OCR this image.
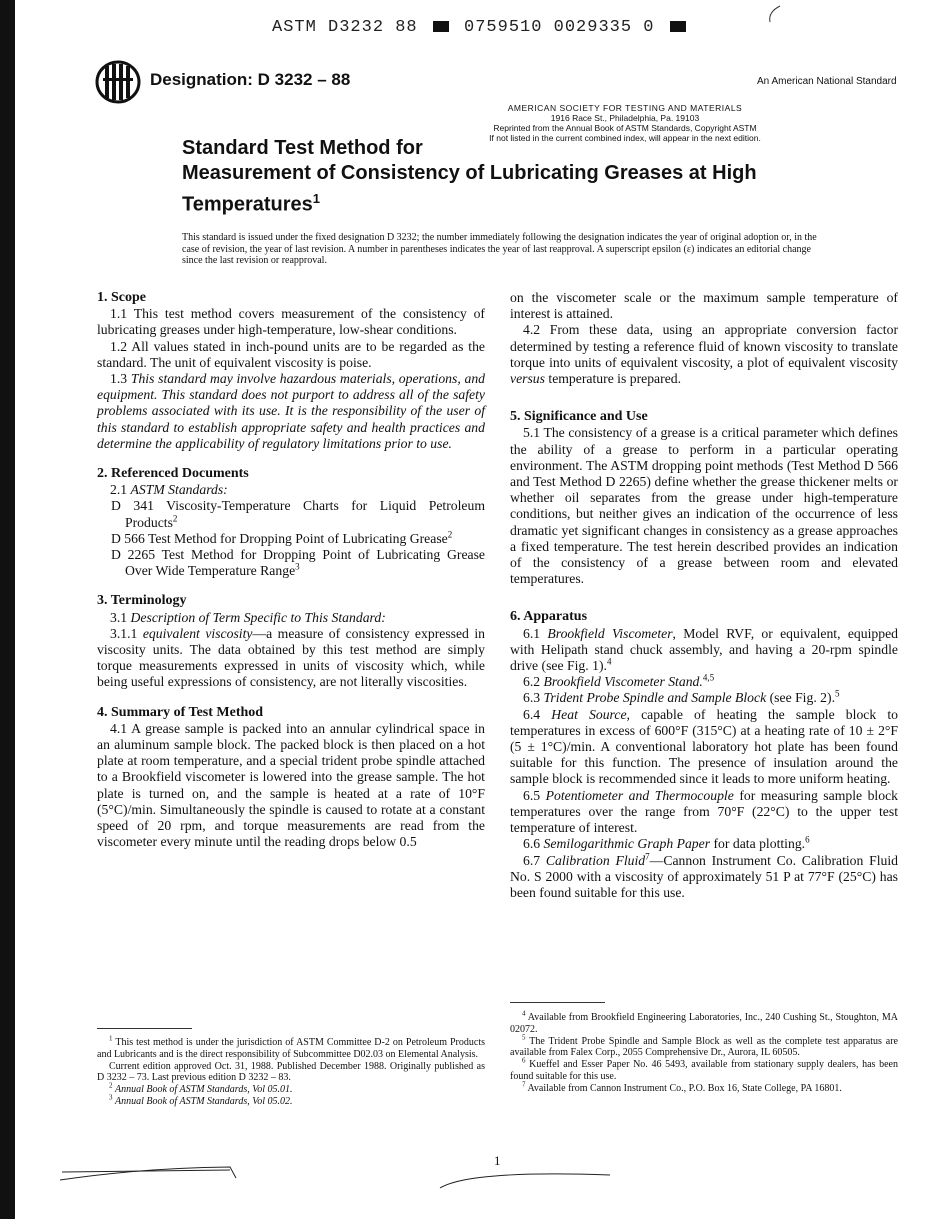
ASTM D3232 88	0759510 0029335 0
Designation: D 3232 – 88	An American National Standard
AMERICAN SOCIETY FOR TESTING AND MATERIALS
1916 Race St., Philadelphia, Pa. 19103
Reprinted from the Annual Book of ASTM Standards, Copyright ASTM
If not listed in the current combined index, will appear in the next edition.
Standard Test Method for
Measurement of Consistency of Lubricating Greases at High
Temperatures$^1$
This standard is issued under the fixed designation D 3232; the number immediately following the designation indicates the year of original adoption or, in the case of revision, the year of last revision. A number in parentheses indicates the year of last reapproval. A superscript epsilon (ε) indicates an editorial change since the last revision or reapproval.
1. Scope

1.1 This test method covers measurement of the consistency of lubricating greases under high-temperature, low-shear conditions.

1.2 All values stated in inch-pound units are to be regarded as the standard. The unit of equivalent viscosity is poise.

1.3 This standard may involve hazardous materials, operations, and equipment. This standard does not purport to address all of the safety problems associated with its use. It is the responsibility of the user of this standard to establish appropriate safety and health practices and determine the applicability of regulatory limitations prior to use.

2. Referenced Documents

2.1 ASTM Standards:

D 341 Viscosity-Temperature Charts for Liquid Petroleum Products$^2$

D 566 Test Method for Dropping Point of Lubricating Grease$^2$

D 2265 Test Method for Dropping Point of Lubricating Grease Over Wide Temperature Range$^3$

3. Terminology

3.1 Description of Term Specific to This Standard:

3.1.1 equivalent viscosity—a measure of consistency expressed in viscosity units. The data obtained by this test method are simply torque measurements expressed in units of viscosity which, while being useful expressions of consistency, are not literally viscosities.

4. Summary of Test Method

4.1 A grease sample is packed into an annular cylindrical space in an aluminum sample block. The packed block is then placed on a hot plate at room temperature, and a special trident probe spindle attached to a Brookfield viscometer is lowered into the grease sample. The hot plate is turned on, and the sample is heated at a rate of 10°F (5°C)/min. Simultaneously the spindle is caused to rotate at a constant speed of 20 rpm, and torque measurements are read from the viscometer every minute until the reading drops below 0.5

on the viscometer scale or the maximum sample temperature of interest is attained.

4.2 From these data, using an appropriate conversion factor determined by testing a reference fluid of known viscosity to translate torque into units of equivalent viscosity, a plot of equivalent viscosity versus temperature is prepared.

5. Significance and Use

5.1 The consistency of a grease is a critical parameter which defines the ability of a grease to perform in a particular operating environment. The ASTM dropping point methods (Test Method D 566 and Test Method D 2265) define whether the grease thickener melts or whether oil separates from the grease under high-temperature conditions, but neither gives an indication of the occurrence of less dramatic yet significant changes in consistency as a grease approaches a fixed temperature. The test herein described provides an indication of the consistency of a grease between room and elevated temperatures.

6. Apparatus

6.1 Brookfield Viscometer, Model RVF, or equivalent, equipped with Helipath stand chuck assembly, and having a 20-rpm spindle drive (see Fig. 1).$^4$

6.2 Brookfield Viscometer Stand.$^{4,5}$

6.3 Trident Probe Spindle and Sample Block (see Fig. 2).$^5$

6.4 Heat Source, capable of heating the sample block to temperatures in excess of 600°F (315°C) at a heating rate of 10 ± 2°F (5 ± 1°C)/min. A conventional laboratory hot plate has been found suitable for this function. The presence of insulation around the sample block is recommended since it leads to more uniform heating.

6.5 Potentiometer and Thermocouple for measuring sample block temperatures over the range from 70°F (22°C) to the upper test temperature of interest.

6.6 Semilogarithmic Graph Paper for data plotting.$^6$

6.7 Calibration Fluid$^7$—Cannon Instrument Co. Calibration Fluid No. S 2000 with a viscosity of approximately 51 P at 77°F (25°C) has been found suitable for this use.

$^1$ This test method is under the jurisdiction of ASTM Committee D-2 on Petroleum Products and Lubricants and is the direct responsibility of Subcommittee D02.03 on Elemental Analysis.

Current edition approved Oct. 31, 1988. Published December 1988. Originally published as D 3232 – 73. Last previous edition D 3232 – 83.

$^2$ Annual Book of ASTM Standards, Vol 05.01.

$^3$ Annual Book of ASTM Standards, Vol 05.02.

$^4$ Available from Brookfield Engineering Laboratories, Inc., 240 Cushing St., Stoughton, MA 02072.

$^5$ The Trident Probe Spindle and Sample Block as well as the complete test apparatus are available from Falex Corp., 2055 Comprehensive Dr., Aurora, IL 60505.

$^6$ Kueffel and Esser Paper No. 46 5493, available from stationary supply dealers, has been found suitable for this use.

$^7$ Available from Cannon Instrument Co., P.O. Box 16, State College, PA 16801.

1
